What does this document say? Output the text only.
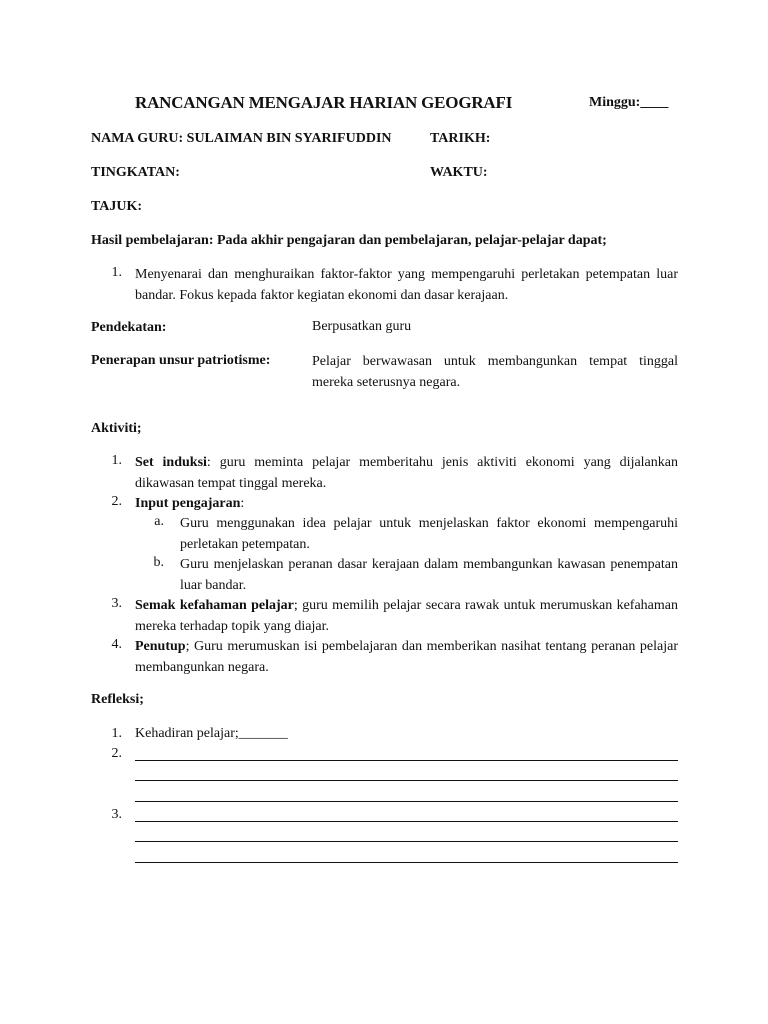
RANCANGAN MENGAJAR HARIAN GEOGRAFI	Minggu:____
NAMA GURU: SULAIMAN BIN SYARIFUDDIN	TARIKH:
TINGKATAN:	WAKTU:
TAJUK:
Hasil pembelajaran: Pada akhir pengajaran dan pembelajaran, pelajar-pelajar dapat;
1. Menyenarai dan menghuraikan faktor-faktor yang mempengaruhi perletakan petempatan luar bandar. Fokus kepada faktor kegiatan ekonomi dan dasar kerajaan.
Pendekatan:	Berpusatkan guru
Penerapan unsur patriotisme:	Pelajar berwawasan untuk membangunkan tempat tinggal mereka seterusnya negara.
Aktiviti;
1. Set induksi: guru meminta pelajar memberitahu jenis aktiviti ekonomi yang dijalankan dikawasan tempat tinggal mereka.
2. Input pengajaran:
a. Guru menggunakan idea pelajar untuk menjelaskan faktor ekonomi mempengaruhi perletakan petempatan.
b. Guru menjelaskan peranan dasar kerajaan dalam membangunkan kawasan penempatan luar bandar.
3. Semak kefahaman pelajar; guru memilih pelajar secara rawak untuk merumuskan kefahaman mereka terhadap topik yang diajar.
4. Penutup; Guru merumuskan isi pembelajaran dan memberikan nasihat tentang peranan pelajar membangunkan negara.
Refleksi;
1. Kehadiran pelajar;_______
2.
3.
